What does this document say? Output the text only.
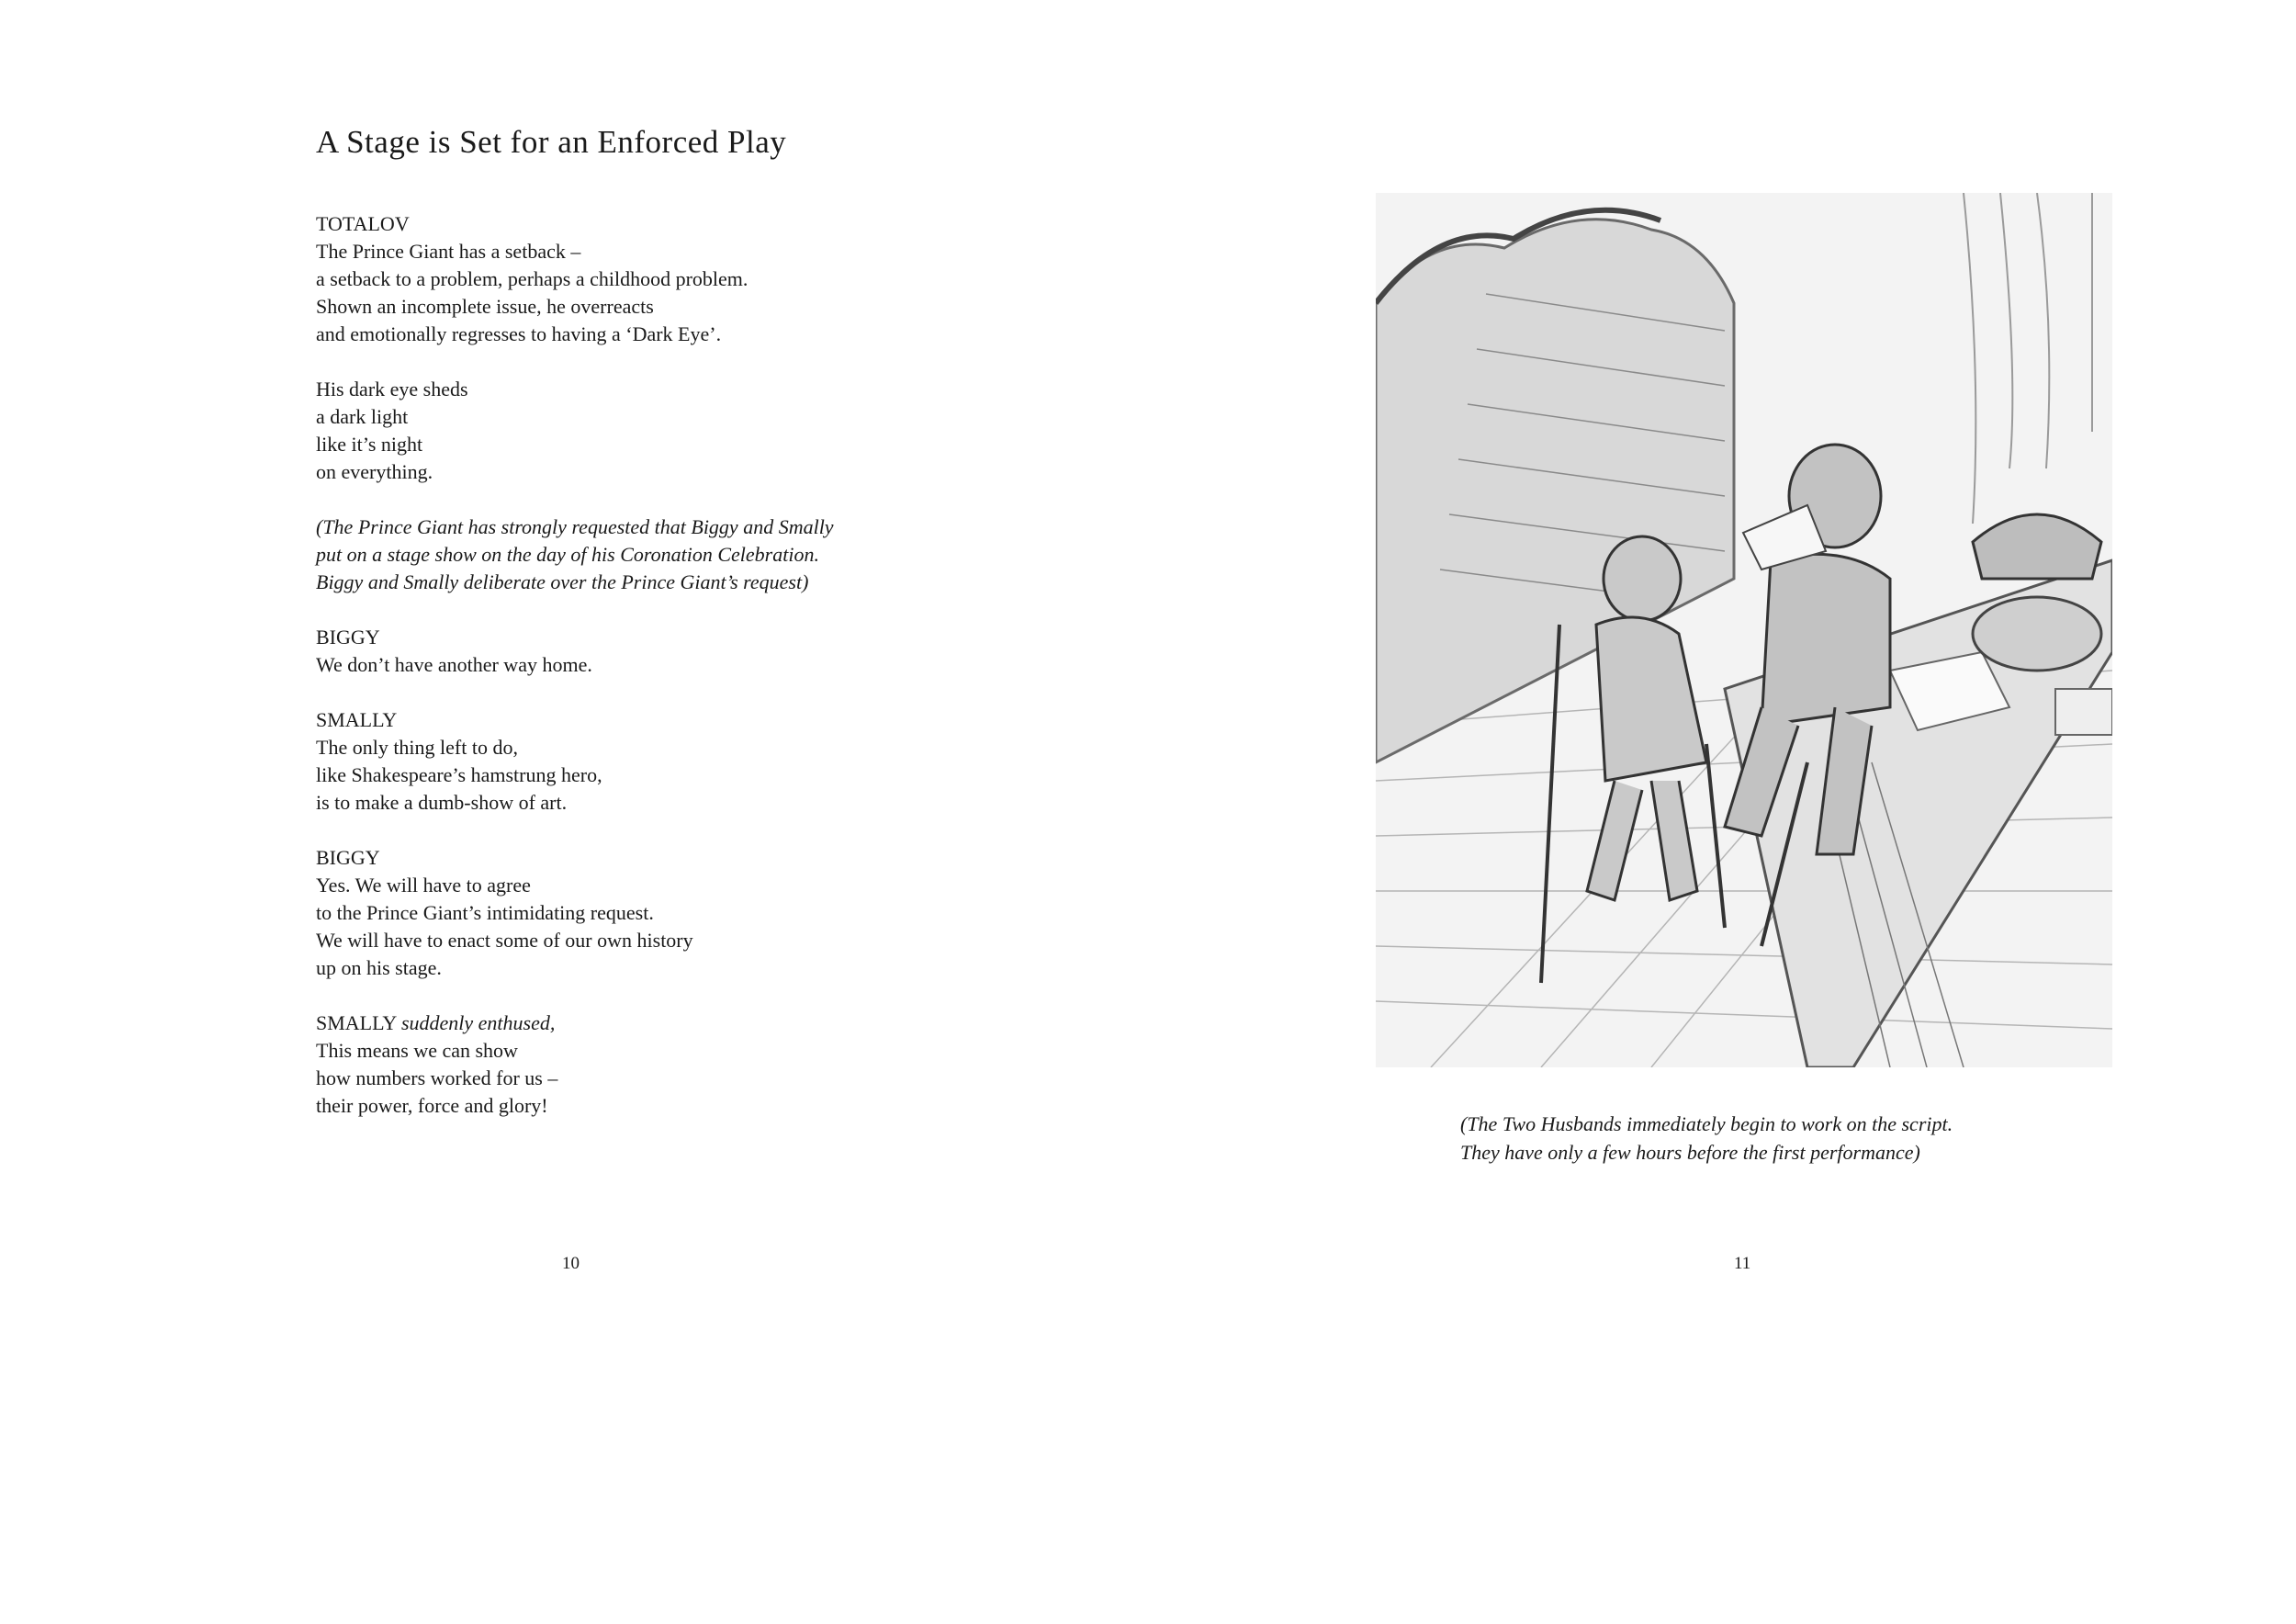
A Stage is Set for an Enforced Play
TOTALOV
The Prince Giant has a setback –
a setback to a problem, perhaps a childhood problem.
Shown an incomplete issue, he overreacts
and emotionally regresses to having a ‘Dark Eye’.
His dark eye sheds
a dark light
like it’s night
on everything.
(The Prince Giant has strongly requested that Biggy and Smally
put on a stage show on the day of his Coronation Celebration.
Biggy and Smally deliberate over the Prince Giant’s request)
BIGGY
We don’t have another way home.
SMALLY
The only thing left to do,
like Shakespeare’s hamstrung hero,
is to make a dumb-show of art.
BIGGY
Yes. We will have to agree
to the Prince Giant’s intimidating request.
We will have to enact some of our own history
up on his stage.
SMALLY suddenly enthused,
This means we can show
how numbers worked for us –
their power, force and glory!
10
(The Two Husbands immediately begin to work on the script.
They have only a few hours before the first performance)
11
